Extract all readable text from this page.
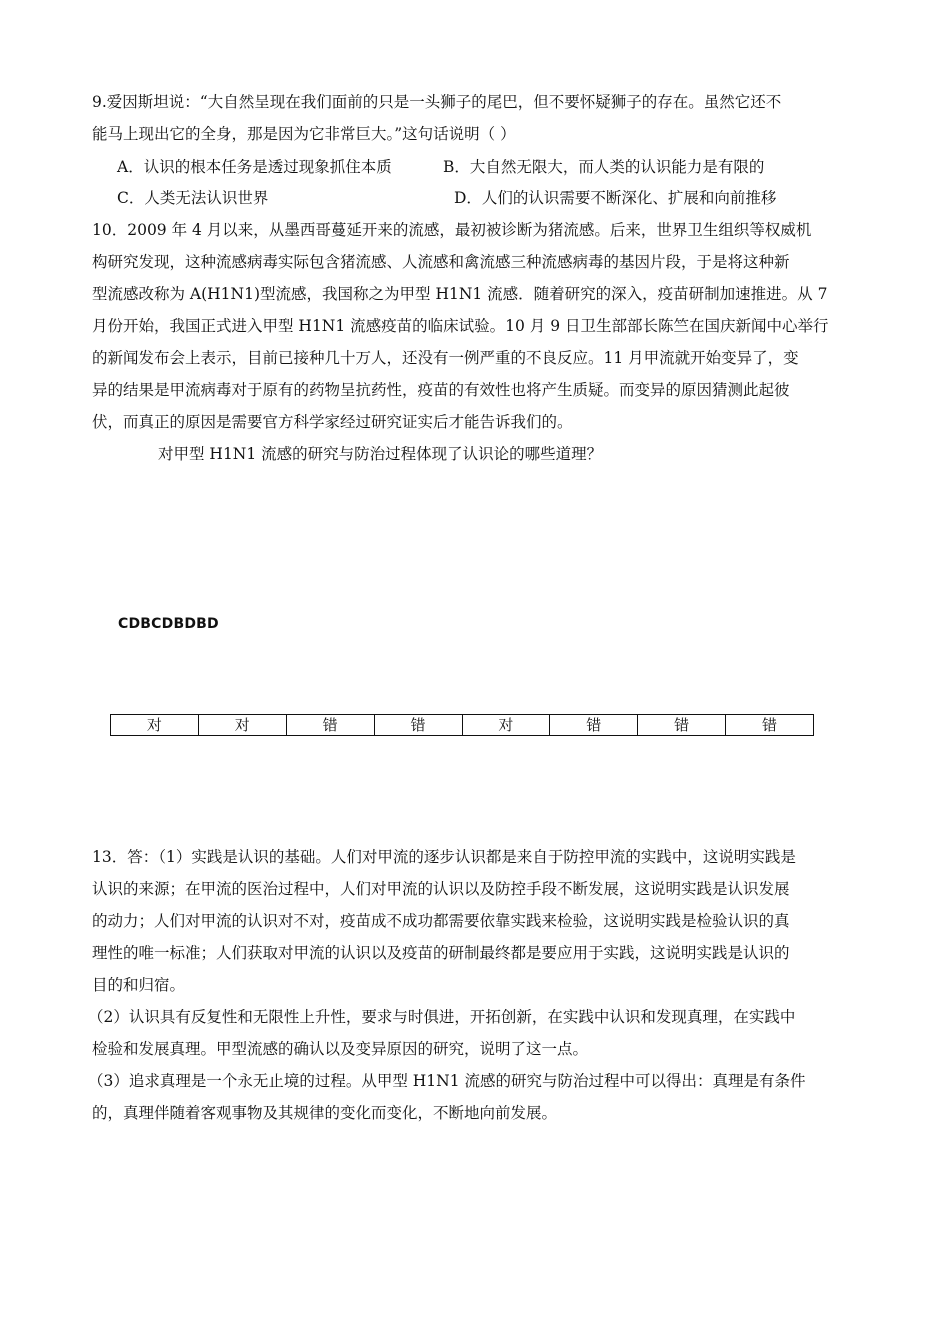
9.爱因斯坦说：“大自然呈现在我们面前的只是一头狮子的尾巴，但不要怀疑狮子的存在。虽然它还不
能马上现出它的全身，那是因为它非常巨大。”这句话说明（ ）
A．认识的根本任务是透过现象抓住本质	B．大自然无限大，而人类的认识能力是有限的
C．人类无法认识世界	D．人们的认识需要不断深化、扩展和向前推移
10．2009 年 4 月以来，从墨西哥蔓延开来的流感，最初被诊断为猪流感。后来，世界卫生组织等权威机
构研究发现，这种流感病毒实际包含猪流感、人流感和禽流感三种流感病毒的基因片段，于是将这种新
型流感改称为 A(H1N1)型流感，我国称之为甲型 H1N1 流感．随着研究的深入，疫苗研制加速推进。从 7
月份开始，我国正式进入甲型 H1N1 流感疫苗的临床试验。10 月 9 日卫生部部长陈竺在国庆新闻中心举行
的新闻发布会上表示，目前已接种几十万人，还没有一例严重的不良反应。11 月甲流就开始变异了，变
异的结果是甲流病毒对于原有的药物呈抗药性，疫苗的有效性也将产生质疑。而变异的原因猜测此起彼
伏，而真正的原因是需要官方科学家经过研究证实后才能告诉我们的。
对甲型 H1N1 流感的研究与防治过程体现了认识论的哪些道理？
CDBCDBDBD
对	对	错	错	对	错	错	错
13．答：（1）实践是认识的基础。人们对甲流的逐步认识都是来自于防控甲流的实践中，这说明实践是
认识的来源；在甲流的医治过程中，人们对甲流的认识以及防控手段不断发展，这说明实践是认识发展
的动力；人们对甲流的认识对不对，疫苗成不成功都需要依靠实践来检验，这说明实践是检验认识的真
理性的唯一标准；人们获取对甲流的认识以及疫苗的研制最终都是要应用于实践，这说明实践是认识的
目的和归宿。
（2）认识具有反复性和无限性上升性，要求与时俱进，开拓创新，在实践中认识和发现真理，在实践中
检验和发展真理。甲型流感的确认以及变异原因的研究，说明了这一点。
（3）追求真理是一个永无止境的过程。从甲型 H1N1 流感的研究与防治过程中可以得出：真理是有条件
的，真理伴随着客观事物及其规律的变化而变化，不断地向前发展。
